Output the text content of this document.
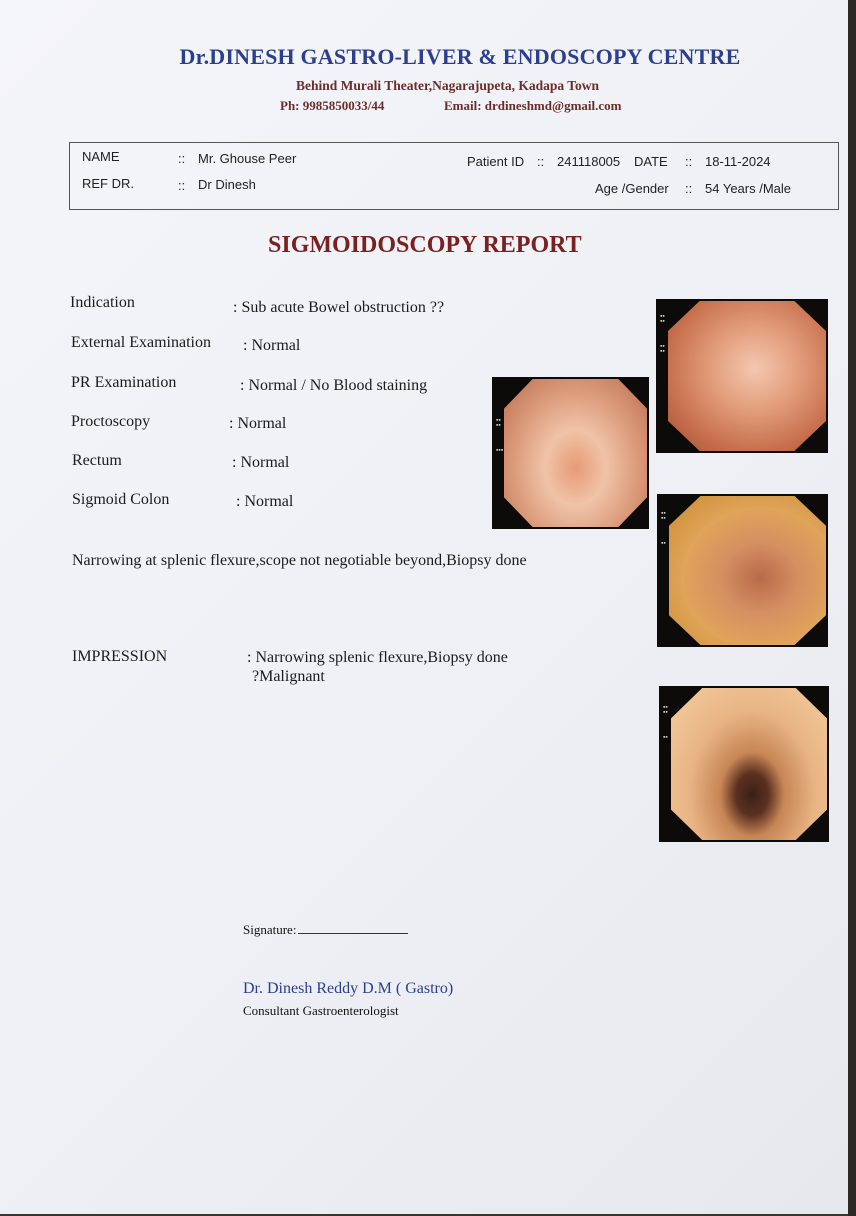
Dr.DINESH GASTRO-LIVER & ENDOSCOPY CENTRE
Behind Murali Theater,Nagarajupeta, Kadapa Town
Ph: 9985850033/44	Email: drdineshmd@gmail.com
NAME	:: Mr. Ghouse Peer
REF DR.	:: Dr Dinesh
Patient ID :: 241118005 DATE :: 18-11-2024
Age /Gender :: 54 Years /Male
SIGMOIDOSCOPY REPORT
Indication	: Sub acute Bowel obstruction ??
External Examination : Normal
PR Examination	: Normal / No Blood staining
Proctoscopy	: Normal
Rectum	: Normal
Sigmoid Colon	: Normal
Narrowing at splenic flexure,scope not negotiable beyond,Biopsy done
IMPRESSION	: Narrowing splenic flexure,Biopsy done
?Malignant
▪▪
▪▪

▪▪
▪▪
▪▪
▪▪

▪▪▪
▪▪
▪▪

▪▪
▪▪
▪▪

▪▪
Signature:
Dr. Dinesh Reddy D.M ( Gastro)
Consultant Gastroenterologist
